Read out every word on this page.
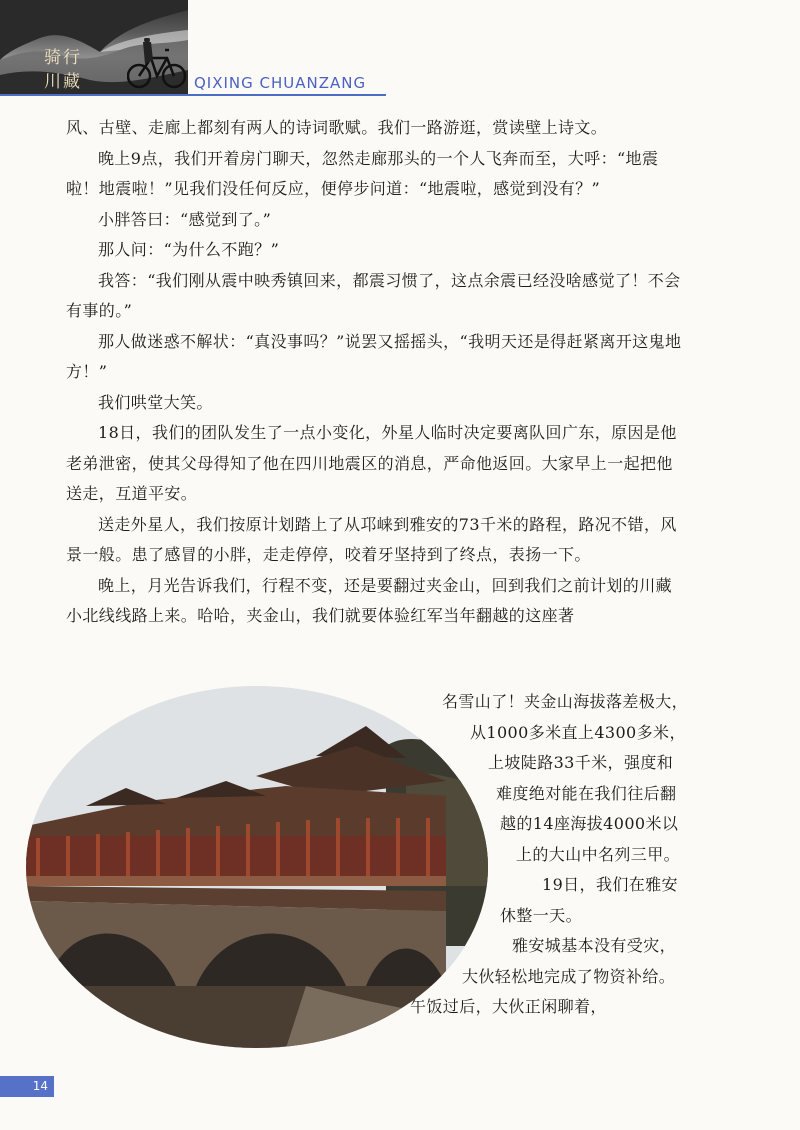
骑行
川藏	QIXING CHUANZANG

风、古壁、走廊上都刻有两人的诗词歌赋。我们一路游逛，赏读壁上诗文。

晚上9点，我们开着房门聊天，忽然走廊那头的一个人飞奔而至，大呼：“地震啦！地震啦！”见我们没任何反应，便停步问道：“地震啦，感觉到没有？”

小胖答曰：“感觉到了。”

那人问：“为什么不跑？”

我答：“我们刚从震中映秀镇回来，都震习惯了，这点余震已经没啥感觉了！不会有事的。”

那人做迷惑不解状：“真没事吗？”说罢又摇摇头，“我明天还是得赶紧离开这鬼地方！”

我们哄堂大笑。

18日，我们的团队发生了一点小变化，外星人临时决定要离队回广东，原因是他老弟泄密，使其父母得知了他在四川地震区的消息，严命他返回。大家早上一起把他送走，互道平安。

送走外星人，我们按原计划踏上了从邛崃到雅安的73千米的路程，路况不错，风景一般。患了感冒的小胖，走走停停，咬着牙坚持到了终点，表扬一下。

晚上，月光告诉我们，行程不变，还是要翻过夹金山，回到我们之前计划的川藏小北线线路上来。哈哈，夹金山，我们就要体验红军当年翻越的这座著

名雪山了！夹金山海拔落差极大，从1000多米直上4300多米，上坡陡路33千米，强度和难度绝对能在我们往后翻越的14座海拔4000米以上的大山中名列三甲。

19日，我们在雅安休整一天。

雅安城基本没有受灾，大伙轻松地完成了物资补给。午饭过后，大伙正闲聊着，

14
